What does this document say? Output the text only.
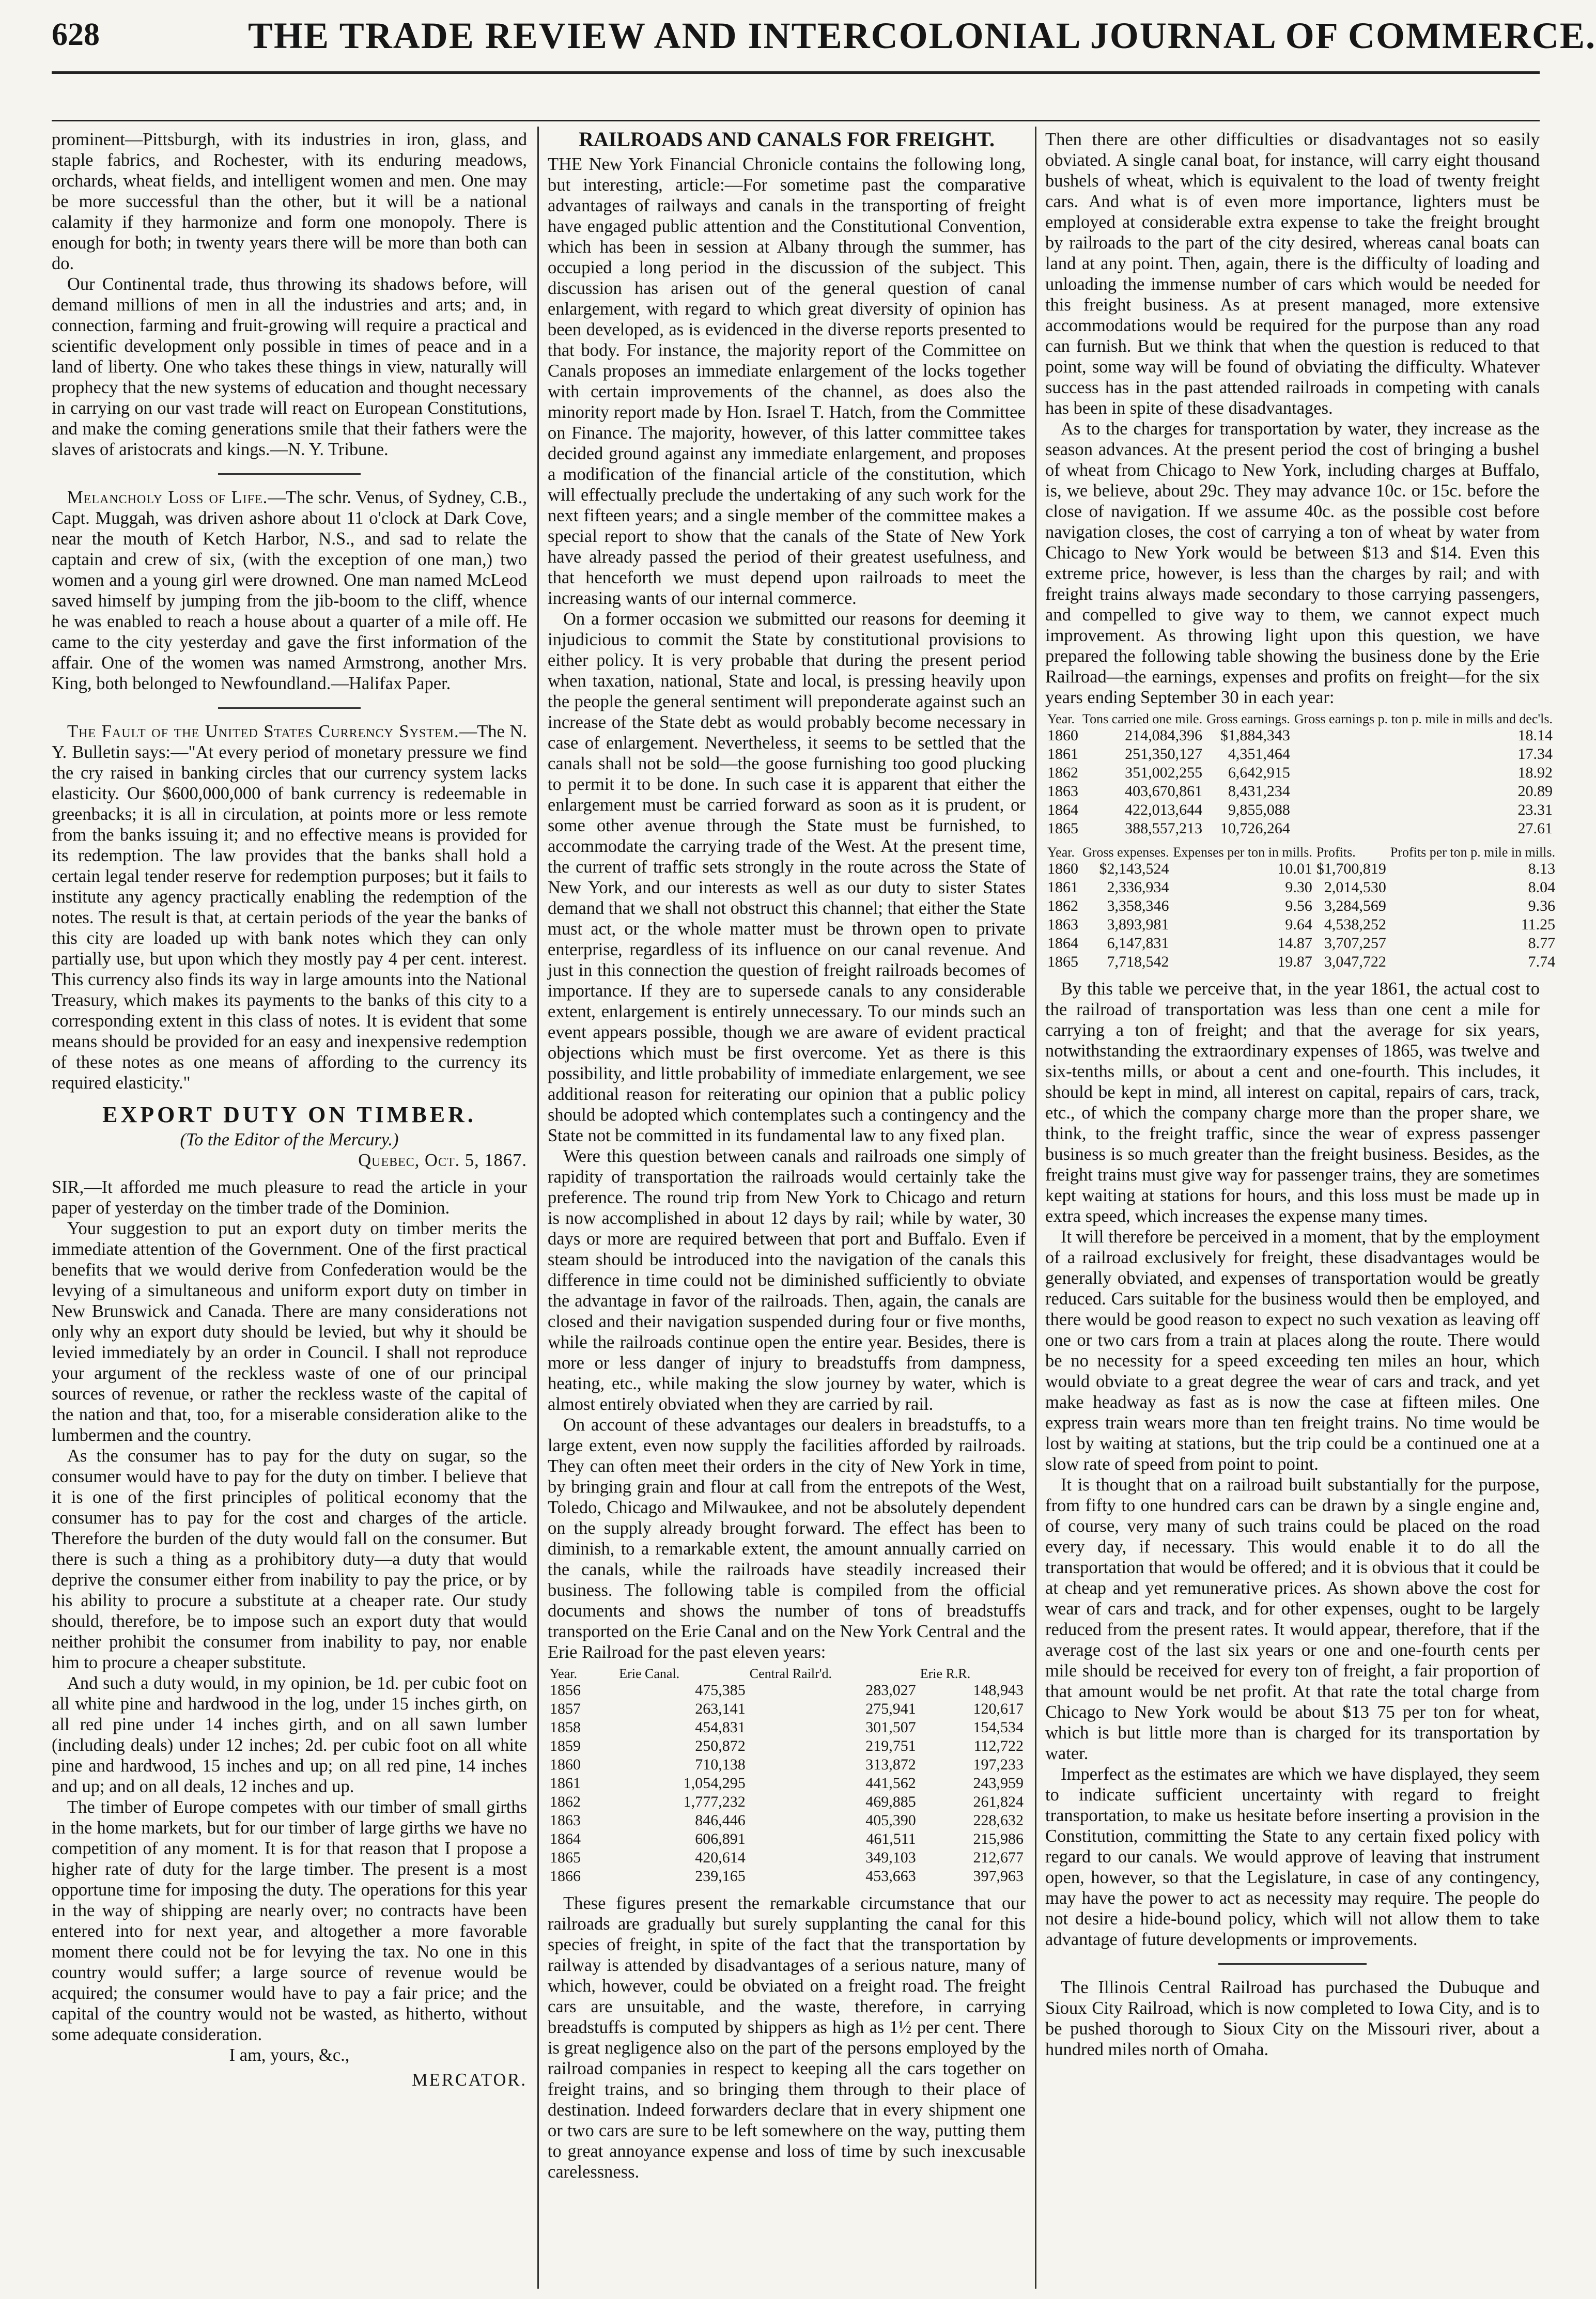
628	THE TRADE REVIEW AND INTERCOLONIAL JOURNAL OF COMMERCE.

prominent—Pittsburgh, with its industries in iron, glass, and staple fabrics, and Rochester, with its enduring meadows, orchards, wheat fields, and intelligent women and men. One may be more successful than the other, but it will be a national calamity if they harmonize and form one monopoly. There is enough for both; in twenty years there will be more than both can do.

Our Continental trade, thus throwing its shadows before, will demand millions of men in all the industries and arts; and, in connection, farming and fruit-growing will require a practical and scientific development only possible in times of peace and in a land of liberty. One who takes these things in view, naturally will prophecy that the new systems of education and thought necessary in carrying on our vast trade will react on European Constitutions, and make the coming generations smile that their fathers were the slaves of aristocrats and kings.—N. Y. Tribune.

Melancholy Loss of Life.—The schr. Venus, of Sydney, C.B., Capt. Muggah, was driven ashore about 11 o'clock at Dark Cove, near the mouth of Ketch Harbor, N.S., and sad to relate the captain and crew of six, (with the exception of one man,) two women and a young girl were drowned. One man named McLeod saved himself by jumping from the jib-boom to the cliff, whence he was enabled to reach a house about a quarter of a mile off. He came to the city yesterday and gave the first information of the affair. One of the women was named Armstrong, another Mrs. King, both belonged to Newfoundland.—Halifax Paper.

The Fault of the United States Currency System.—The N. Y. Bulletin says:—"At every period of monetary pressure we find the cry raised in banking circles that our currency system lacks elasticity. Our $600,000,000 of bank currency is redeemable in greenbacks; it is all in circulation, at points more or less remote from the banks issuing it; and no effective means is provided for its redemption. The law provides that the banks shall hold a certain legal tender reserve for redemption purposes; but it fails to institute any agency practically enabling the redemption of the notes. The result is that, at certain periods of the year the banks of this city are loaded up with bank notes which they can only partially use, but upon which they mostly pay 4 per cent. interest. This currency also finds its way in large amounts into the National Treasury, which makes its payments to the banks of this city to a corresponding extent in this class of notes. It is evident that some means should be provided for an easy and inexpensive redemption of these notes as one means of affording to the currency its required elasticity."

EXPORT DUTY ON TIMBER.
(To the Editor of the Mercury.)
Quebec, Oct. 5, 1867.

SIR,—It afforded me much pleasure to read the article in your paper of yesterday on the timber trade of the Dominion.

Your suggestion to put an export duty on timber merits the immediate attention of the Government. One of the first practical benefits that we would derive from Confederation would be the levying of a simultaneous and uniform export duty on timber in New Brunswick and Canada. There are many considerations not only why an export duty should be levied, but why it should be levied immediately by an order in Council. I shall not reproduce your argument of the reckless waste of one of our principal sources of revenue, or rather the reckless waste of the capital of the nation and that, too, for a miserable consideration alike to the lumbermen and the country.

As the consumer has to pay for the duty on sugar, so the consumer would have to pay for the duty on timber. I believe that it is one of the first principles of political economy that the consumer has to pay for the cost and charges of the article. Therefore the burden of the duty would fall on the consumer. But there is such a thing as a prohibitory duty—a duty that would deprive the consumer either from inability to pay the price, or by his ability to procure a substitute at a cheaper rate. Our study should, therefore, be to impose such an export duty that would neither prohibit the consumer from inability to pay, nor enable him to procure a cheaper substitute.

And such a duty would, in my opinion, be 1d. per cubic foot on all white pine and hardwood in the log, under 15 inches girth, on all red pine under 14 inches girth, and on all sawn lumber (including deals) under 12 inches; 2d. per cubic foot on all white pine and hardwood, 15 inches and up; on all red pine, 14 inches and up; and on all deals, 12 inches and up.

The timber of Europe competes with our timber of small girths in the home markets, but for our timber of large girths we have no competition of any moment. It is for that reason that I propose a higher rate of duty for the large timber. The present is a most opportune time for imposing the duty. The operations for this year in the way of shipping are nearly over; no contracts have been entered into for next year, and altogether a more favorable moment there could not be for levying the tax. No one in this country would suffer; a large source of revenue would be acquired; the consumer would have to pay a fair price; and the capital of the country would not be wasted, as hitherto, without some adequate consideration.

I am, yours, &c.,
MERCATOR.
RAILROADS AND CANALS FOR FREIGHT.

THE New York Financial Chronicle contains the following long, but interesting, article:—For sometime past the comparative advantages of railways and canals in the transporting of freight have engaged public attention and the Constitutional Convention, which has been in session at Albany through the summer, has occupied a long period in the discussion of the subject. This discussion has arisen out of the general question of canal enlargement, with regard to which great diversity of opinion has been developed, as is evidenced in the diverse reports presented to that body. For instance, the majority report of the Committee on Canals proposes an immediate enlargement of the locks together with certain improvements of the channel, as does also the minority report made by Hon. Israel T. Hatch, from the Committee on Finance. The majority, however, of this latter committee takes decided ground against any immediate enlargement, and proposes a modification of the financial article of the constitution, which will effectually preclude the undertaking of any such work for the next fifteen years; and a single member of the committee makes a special report to show that the canals of the State of New York have already passed the period of their greatest usefulness, and that henceforth we must depend upon railroads to meet the increasing wants of our internal commerce.

On a former occasion we submitted our reasons for deeming it injudicious to commit the State by constitutional provisions to either policy. It is very probable that during the present period when taxation, national, State and local, is pressing heavily upon the people the general sentiment will preponderate against such an increase of the State debt as would probably become necessary in case of enlargement. Nevertheless, it seems to be settled that the canals shall not be sold—the goose furnishing too good plucking to permit it to be done. In such case it is apparent that either the enlargement must be carried forward as soon as it is prudent, or some other avenue through the State must be furnished, to accommodate the carrying trade of the West. At the present time, the current of traffic sets strongly in the route across the State of New York, and our interests as well as our duty to sister States demand that we shall not obstruct this channel; that either the State must act, or the whole matter must be thrown open to private enterprise, regardless of its influence on our canal revenue. And just in this connection the question of freight railroads becomes of importance. If they are to supersede canals to any considerable extent, enlargement is entirely unnecessary. To our minds such an event appears possible, though we are aware of evident practical objections which must be first overcome. Yet as there is this possibility, and little probability of immediate enlargement, we see additional reason for reiterating our opinion that a public policy should be adopted which contemplates such a contingency and the State not be committed in its fundamental law to any fixed plan.

Were this question between canals and railroads one simply of rapidity of transportation the railroads would certainly take the preference. The round trip from New York to Chicago and return is now accomplished in about 12 days by rail; while by water, 30 days or more are required between that port and Buffalo. Even if steam should be introduced into the navigation of the canals this difference in time could not be diminished sufficiently to obviate the advantage in favor of the railroads. Then, again, the canals are closed and their navigation suspended during four or five months, while the railroads continue open the entire year. Besides, there is more or less danger of injury to breadstuffs from dampness, heating, etc., while making the slow journey by water, which is almost entirely obviated when they are carried by rail.

On account of these advantages our dealers in breadstuffs, to a large extent, even now supply the facilities afforded by railroads. They can often meet their orders in the city of New York in time, by bringing grain and flour at call from the entrepots of the West, Toledo, Chicago and Milwaukee, and not be absolutely dependent on the supply already brought forward. The effect has been to diminish, to a remarkable extent, the amount annually carried on the canals, while the railroads have steadily increased their business. The following table is compiled from the official documents and shows the number of tons of breadstuffs transported on the Erie Canal and on the New York Central and the Erie Railroad for the past eleven years:

Year.	Erie Canal.	Central Railr'd.	Erie R.R.
1856	475,385	283,027	148,943
1857	263,141	275,941	120,617
1858	454,831	301,507	154,534
1859	250,872	219,751	112,722
1860	710,138	313,872	197,233
1861	1,054,295	441,562	243,959
1862	1,777,232	469,885	261,824
1863	846,446	405,390	228,632
1864	606,891	461,511	215,986
1865	420,614	349,103	212,677
1866	239,165	453,663	397,963

These figures present the remarkable circumstance that our railroads are gradually but surely supplanting the canal for this species of freight, in spite of the fact that the transportation by railway is attended by disadvantages of a serious nature, many of which, however, could be obviated on a freight road. The freight cars are unsuitable, and the waste, therefore, in carrying breadstuffs is computed by shippers as high as 1½ per cent. There is great negligence also on the part of the persons employed by the railroad companies in respect to keeping all the cars together on freight trains, and so bringing them through to their place of destination. Indeed forwarders declare that in every shipment one or two cars are sure to be left somewhere on the way, putting them to great annoyance expense and loss of time by such inexcusable carelessness.

Then there are other difficulties or disadvantages not so easily obviated. A single canal boat, for instance, will carry eight thousand bushels of wheat, which is equivalent to the load of twenty freight cars. And what is of even more importance, lighters must be employed at considerable extra expense to take the freight brought by railroads to the part of the city desired, whereas canal boats can land at any point. Then, again, there is the difficulty of loading and unloading the immense number of cars which would be needed for this freight business. As at present managed, more extensive accommodations would be required for the purpose than any road can furnish. But we think that when the question is reduced to that point, some way will be found of obviating the difficulty. Whatever success has in the past attended railroads in competing with canals has been in spite of these disadvantages.

As to the charges for transportation by water, they increase as the season advances. At the present period the cost of bringing a bushel of wheat from Chicago to New York, including charges at Buffalo, is, we believe, about 29c. They may advance 10c. or 15c. before the close of navigation. If we assume 40c. as the possible cost before navigation closes, the cost of carrying a ton of wheat by water from Chicago to New York would be between $13 and $14. Even this extreme price, however, is less than the charges by rail; and with freight trains always made secondary to those carrying passengers, and compelled to give way to them, we cannot expect much improvement. As throwing light upon this question, we have prepared the following table showing the business done by the Erie Railroad—the earnings, expenses and profits on freight—for the six years ending September 30 in each year:

Year.	Tons carried one mile.	Gross earnings.	Gross earnings p. ton p. mile in mills and dec'ls.
1860	214,084,396	$1,884,343	18.14
1861	251,350,127	4,351,464	17.34
1862	351,002,255	6,642,915	18.92
1863	403,670,861	8,431,234	20.89
1864	422,013,644	9,855,088	23.31
1865	388,557,213	10,726,264	27.61
Year.	Gross expenses.	Expenses per ton in mills.	Profits.	Profits per ton p. mile in mills.
1860	$2,143,524	10.01	$1,700,819	8.13
1861	2,336,934	9.30	2,014,530	8.04
1862	3,358,346	9.56	3,284,569	9.36
1863	3,893,981	9.64	4,538,252	11.25
1864	6,147,831	14.87	3,707,257	8.77
1865	7,718,542	19.87	3,047,722	7.74

By this table we perceive that, in the year 1861, the actual cost to the railroad of transportation was less than one cent a mile for carrying a ton of freight; and that the average for six years, notwithstanding the extraordinary expenses of 1865, was twelve and six-tenths mills, or about a cent and one-fourth. This includes, it should be kept in mind, all interest on capital, repairs of cars, track, etc., of which the company charge more than the proper share, we think, to the freight traffic, since the wear of express passenger business is so much greater than the freight business. Besides, as the freight trains must give way for passenger trains, they are sometimes kept waiting at stations for hours, and this loss must be made up in extra speed, which increases the expense many times.

It will therefore be perceived in a moment, that by the employment of a railroad exclusively for freight, these disadvantages would be generally obviated, and expenses of transportation would be greatly reduced. Cars suitable for the business would then be employed, and there would be good reason to expect no such vexation as leaving off one or two cars from a train at places along the route. There would be no necessity for a speed exceeding ten miles an hour, which would obviate to a great degree the wear of cars and track, and yet make headway as fast as is now the case at fifteen miles. One express train wears more than ten freight trains. No time would be lost by waiting at stations, but the trip could be a continued one at a slow rate of speed from point to point.

It is thought that on a railroad built substantially for the purpose, from fifty to one hundred cars can be drawn by a single engine and, of course, very many of such trains could be placed on the road every day, if necessary. This would enable it to do all the transportation that would be offered; and it is obvious that it could be at cheap and yet remunerative prices. As shown above the cost for wear of cars and track, and for other expenses, ought to be largely reduced from the present rates. It would appear, therefore, that if the average cost of the last six years or one and one-fourth cents per mile should be received for every ton of freight, a fair proportion of that amount would be net profit. At that rate the total charge from Chicago to New York would be about $13 75 per ton for wheat, which is but little more than is charged for its transportation by water.

Imperfect as the estimates are which we have displayed, they seem to indicate sufficient uncertainty with regard to freight transportation, to make us hesitate before inserting a provision in the Constitution, committing the State to any certain fixed policy with regard to our canals. We would approve of leaving that instrument open, however, so that the Legislature, in case of any contingency, may have the power to act as necessity may require. The people do not desire a hide-bound policy, which will not allow them to take advantage of future developments or improvements.

The Illinois Central Railroad has purchased the Dubuque and Sioux City Railroad, which is now completed to Iowa City, and is to be pushed thorough to Sioux City on the Missouri river, about a hundred miles north of Omaha.
